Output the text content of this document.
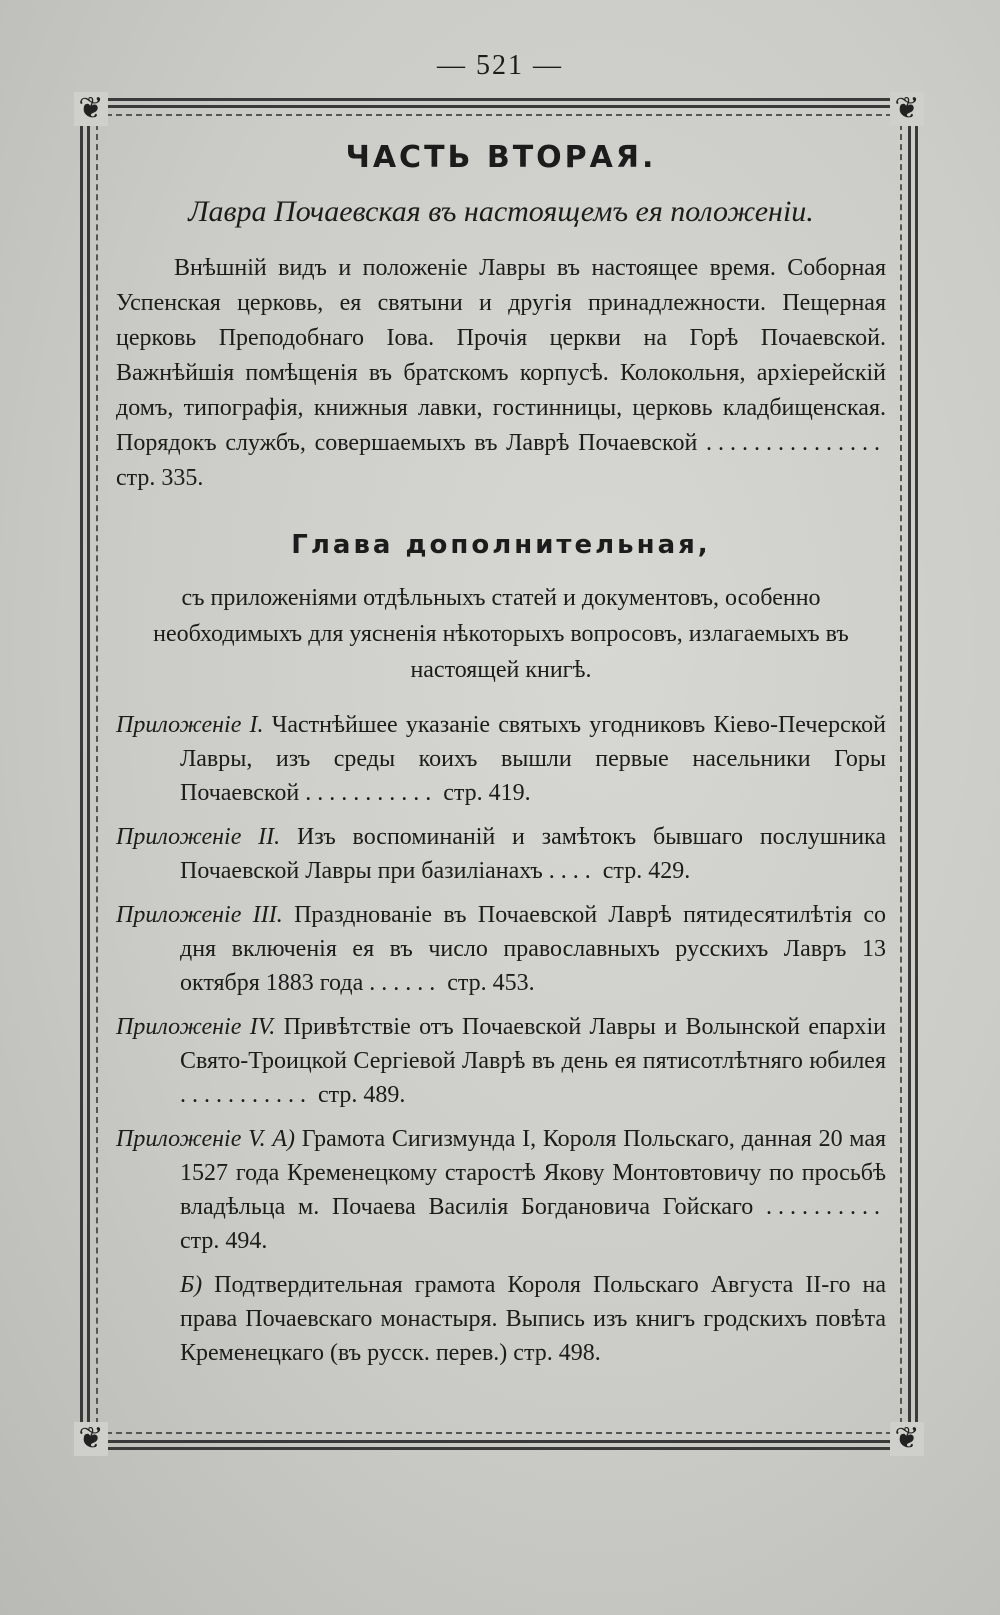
— 521 —
❦	❦
❦	❦
ЧАСТЬ ВТОРАЯ.
Лавра Почаевская въ настоящемъ ея положеніи.

Внѣшній видъ и положеніе Лавры въ настоящее время. Соборная Успенская церковь, ея святыни и другія принадлежности. Пещерная церковь Преподобнаго Іова. Прочія церкви на Горѣ Почаевской. Важнѣйшія помѣщенія въ братскомъ корпусѣ. Колокольня, архіерейскій домъ, типографія, книжныя лавки, гостинницы, церковь кладбищенская. Порядокъ службъ, совершаемыхъ въ Лаврѣ Почаевской ............... стр. 335.

Глава дополнительная,
съ приложеніями отдѣльныхъ статей и документовъ, особенно необходимыхъ для уясненія нѣкоторыхъ вопросовъ, излагаемыхъ въ настоящей книгѣ.
Приложеніе I. Частнѣйшее указаніе святыхъ угодниковъ Кіево-Печерской Лавры, изъ среды коихъ вышли первые насельники Горы Почаевской ........... стр. 419.
Приложеніе II. Изъ воспоминаній и замѣтокъ бывшаго послушника Почаевской Лавры при базиліанахъ .... стр. 429.
Приложеніе III. Празднованіе въ Почаевской Лаврѣ пятидесятилѣтія со дня включенія ея въ число православныхъ русскихъ Лавръ 13 октября 1883 года ...... стр. 453.
Приложеніе IV. Привѣтствіе отъ Почаевской Лавры и Волынской епархіи Свято-Троицкой Сергіевой Лаврѣ въ день ея пятисотлѣтняго юбилея ........... стр. 489.
Приложеніе V. А) Грамота Сигизмунда I, Короля Польскаго, данная 20 мая 1527 года Кременецкому старостѣ Якову Монтовтовичу по просьбѣ владѣльца м. Почаева Василія Богдановича Гойскаго .......... стр. 494.
Б) Подтвердительная грамота Короля Польскаго Августа II-го на права Почаевскаго монастыря. Выпись изъ книгъ гродскихъ повѣта Кременецкаго (въ русск. перев.) стр. 498.
